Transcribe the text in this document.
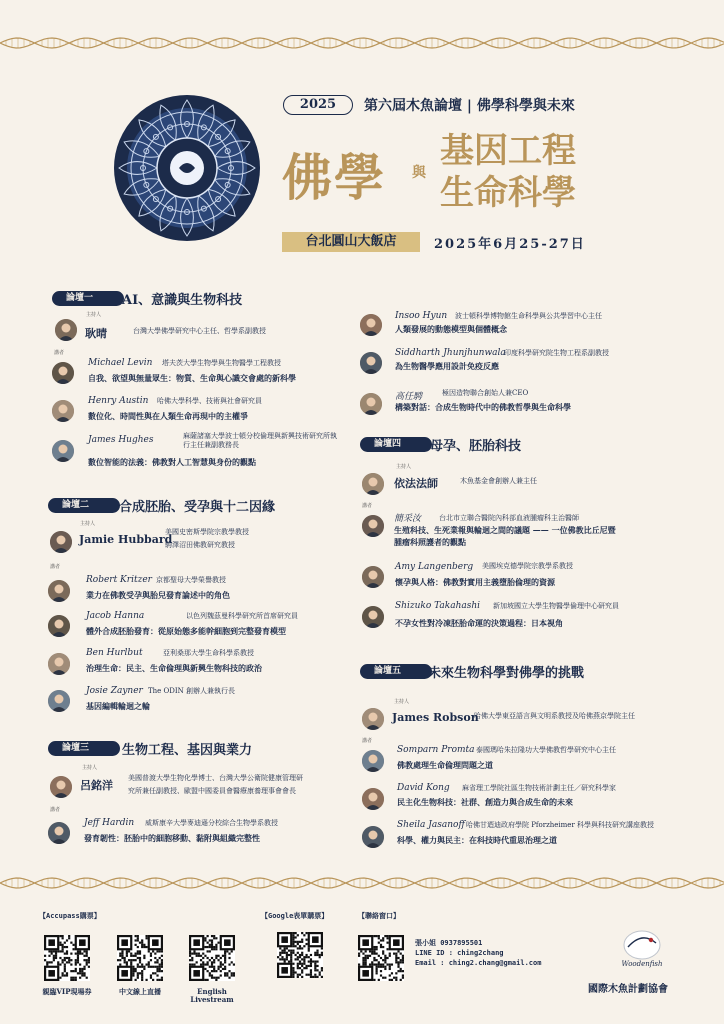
2025	第六屆木魚論壇 | 佛學科學與未來
佛學 與
基因工程
生命科學
台北圓山大飯店	2025年6月25-27日
論壇一	AI、意識與生物科技
主持人
耿晴	台灣大學佛學研究中心主任、哲學系副教授
講者
Michael Levin 塔夫茨大學生物學與生物醫學工程教授
自我、欲望與無量眾生：物質、生命與心識交會處的新科學
Henry Austin 哈佛大學科學、技術與社會研究員
數位化、時間性與在人類生命再現中的主權爭
James Hughes	麻薩諸塞大學波士頓分校倫理與新興技術研究所執行主任兼副教務長
數位智能的法義：佛教對人工智慧與身份的觀點
Insoo Hyun 波士頓科學博物館生命科學與公共學習中心主任
人類發展的動態模型與個體概念
Siddharth Jhunjhunwala
印度科學研究院生物工程系副教授
為生物醫學應用設計免疫反應
高任騁	極因造物聯合創始人兼CEO
構築對話：合成生物時代中的佛教哲學與生命科學
論壇二	合成胚胎、受孕與十二因緣
主持人
Jamie Hubbard
美國史密斯學院宗教學教授
駒澤沼田佛教研究教授
講者
Robert Kritzer 京都聖母大學榮譽教授
業力在佛教受孕與胎兒發育論述中的角色
Jacob Hanna	以色列魏茲曼科學研究所首席研究員
體外合成胚胎發育：從原始態多能幹細胞到完整發育模型
Ben Hurlbut	亞利桑那大學生命科學系教授
治理生命：民主、生命倫理與新興生物科技的政治
Josie Zayner The ODIN 創辦人兼執行長
基因編輯輪迴之輪
論壇三	生物工程、基因與業力
主持人
呂銘洋
美國普渡大學生物化學博士、台灣大學公衛院健康管理研
究所兼任副教授、歐盟中國委員會醫療康養理事會會長
講者
Jeff Hardin 威斯康辛大學麥迪遜分校綜合生物學系教授
發育韌性：胚胎中的細胞移動、黏附與組織完整性
論壇四	母孕、胚胎科技
主持人
依法法師	木魚基金會創辦人兼主任
講者
簡采汝	台北市立聯合醫院內科部血液腫瘤科主治醫師
生殖科技、生死業報與輪迴之間的議題 —— 一位佛教比丘尼暨
腫瘤科照護者的觀點
Amy Langenberg 美國埃克德學院宗教學系教授
懷孕與人格：佛教對實用主義墮胎倫理的資源
Shizuko Takahashi 新加坡國立大學生物醫學倫理中心研究員
不孕女性對冷凍胚胎命運的決策過程：日本視角
論壇五	未來生物科學對佛學的挑戰
主持人
James Robson
哈佛大學東亞語言與文明系教授及哈佛燕京學院主任
講者
Somparn Promta 泰國瑪哈朱拉隆功大學佛教哲學研究中心主任
佛教處理生命倫理問題之道
David Kong 麻省理工學院社區生物技術計劃主任／研究科學家
民主化生物科技：社群、創造力與合成生命的未來
Sheila Jasanoff 哈佛甘迺迪政府學院 Pforzheimer 科學與科技研究講座教授
科學、權力與民主：在科技時代重思治理之道
【Accupass購票】	【Google表單購票】	【聯絡窗口】
親臨VIP現場券	中文線上直播	English
Livestream
張小姐 0937895501
LINE ID : ching2chang
Email : ching2.chang@gmail.com	Woodenfish
國際木魚計劃協會
